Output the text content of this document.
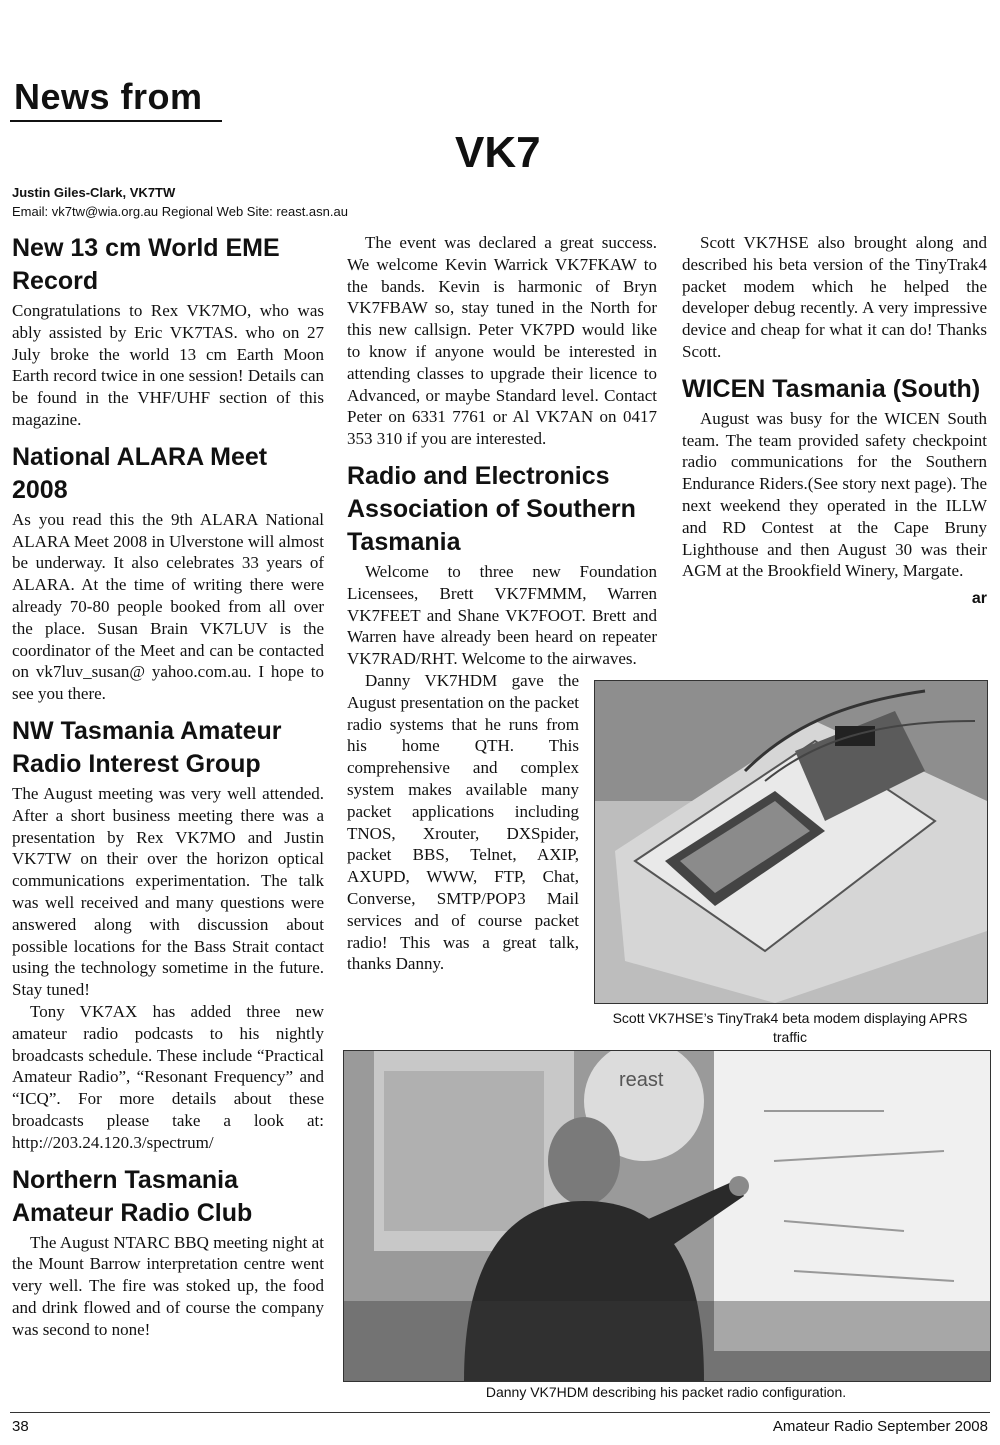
News from
VK7
Justin Giles-Clark, VK7TW
Email: vk7tw@wia.org.au Regional Web Site: reast.asn.au
New 13 cm World EME Record

Congratulations to Rex VK7MO, who was ably assisted by Eric VK7TAS. who on 27 July broke the world 13 cm Earth Moon Earth record twice in one session! Details can be found in the VHF/UHF section of this magazine.

National ALARA Meet 2008

As you read this the 9th ALARA National ALARA Meet 2008 in Ulverstone will almost be underway. It also celebrates 33 years of ALARA. At the time of writing there were already 70-80 people booked from all over the place. Susan Brain VK7LUV is the coordinator of the Meet and can be contacted on vk7luv_susan@ yahoo.com.au. I hope to see you there.

NW Tasmania Amateur Radio Interest Group

The August meeting was very well attended. After a short business meeting there was a presentation by Rex VK7MO and Justin VK7TW on their over the horizon optical communications experimentation. The talk was well received and many questions were answered along with discussion about possible locations for the Bass Strait contact using the technology sometime in the future. Stay tuned!

Tony VK7AX has added three new amateur radio podcasts to his nightly broadcasts schedule. These include “Practical Amateur Radio”, “Resonant Frequency” and “ICQ”. For more details about these broadcasts please take a look at: http://203.24.120.3/spectrum/

Northern Tasmania Amateur Radio Club

The August NTARC BBQ meeting night at the Mount Barrow interpretation centre went very well. The fire was stoked up, the food and drink flowed and of course the company was second to none!

The event was declared a great success. We welcome Kevin Warrick VK7FKAW to the bands. Kevin is harmonic of Bryn VK7FBAW so, stay tuned in the North for this new callsign. Peter VK7PD would like to know if anyone would be interested in attending classes to upgrade their licence to Advanced, or maybe Standard level. Contact Peter on 6331 7761 or Al VK7AN on 0417 353 310 if you are interested.

Radio and Electronics Association of Southern Tasmania

Welcome to three new Foundation Licensees, Brett VK7FMMM, Warren VK7FEET and Shane VK7FOOT. Brett and Warren have already been heard on repeater VK7RAD/RHT. Welcome to the airwaves.

Danny VK7HDM gave the August presentation on the packet radio systems that he runs from his home QTH. This comprehensive and complex system makes available many packet applications including TNOS, Xrouter, DXSpider, packet BBS, Telnet, AXIP, AXUPD, WWW, FTP, Chat, Converse, SMTP/POP3 Mail services and of course packet radio! This was a great talk, thanks Danny.

Scott VK7HSE also brought along and described his beta version of the TinyTrak4 packet modem which he helped the developer debug recently. A very impressive device and cheap for what it can do! Thanks Scott.

WICEN Tasmania (South)

August was busy for the WICEN South team. The team provided safety checkpoint radio communications for the Southern Endurance Riders.(See story next page). The next weekend they operated in the ILLW and RD Contest at the Cape Bruny Lighthouse and then August 30 was their AGM at the Brookfield Winery, Margate.

ar
Scott VK7HSE’s TinyTrak4 beta modem displaying APRS traffic
reast
Danny VK7HDM describing his packet radio configuration.
38	Amateur Radio September 2008
